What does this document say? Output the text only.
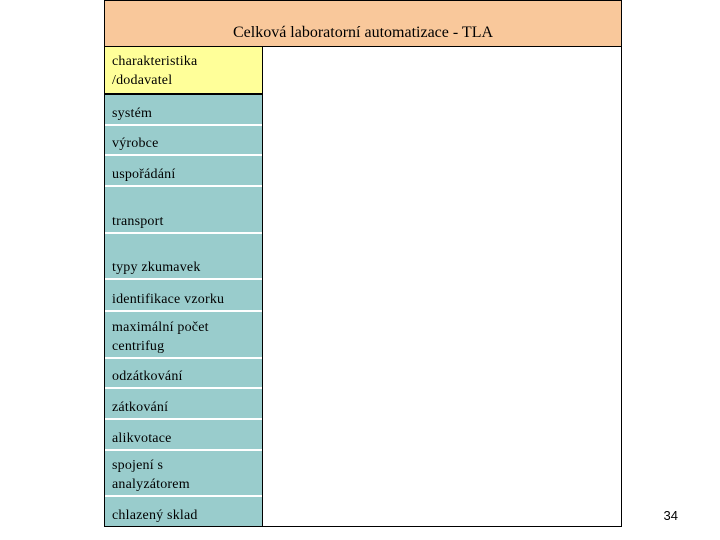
Celková laboratorní automatizace - TLA
charakteristika
/dodavatel
systém
výrobce
uspořádání
transport
typy zkumavek
identifikace vzorku
maximální počet
centrifug
odzátkování
zátkování
alikvotace
spojení s
analyzátorem
chlazený sklad	34
